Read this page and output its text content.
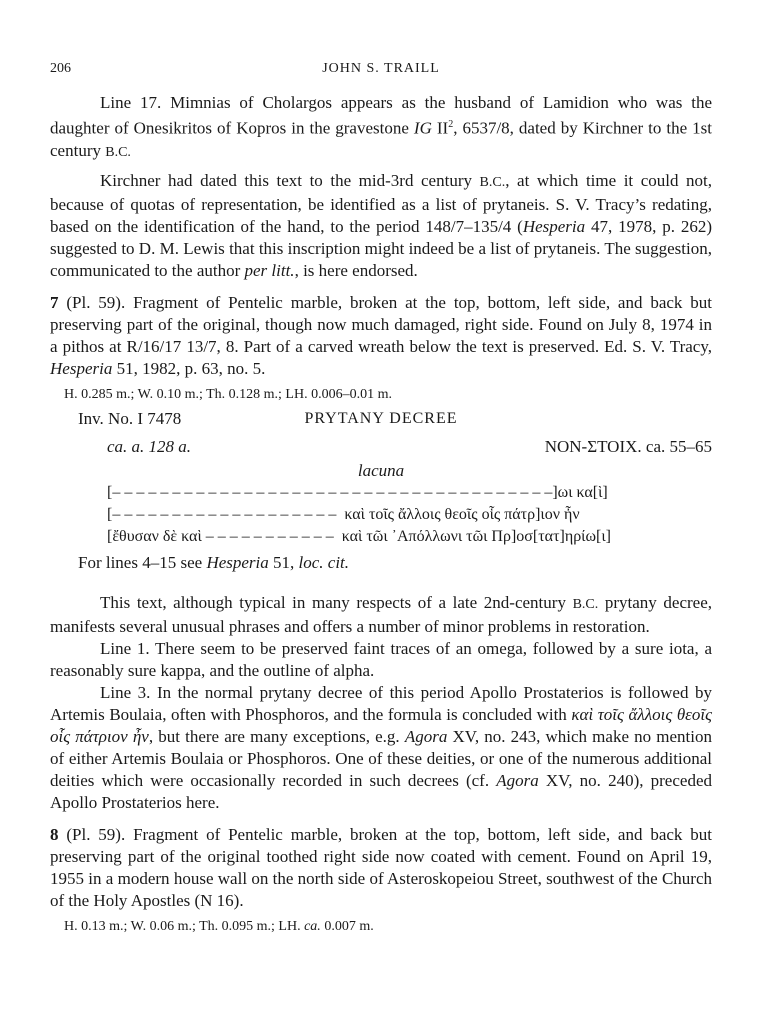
206	JOHN S. TRAILL

Line 17. Mimnias of Cholargos appears as the husband of Lamidion who was the daughter of Onesikritos of Kopros in the gravestone IG $II^2$, 6537/8, dated by Kirchner to the 1st century B.C.

Kirchner had dated this text to the mid-3rd century B.C., at which time it could not, because of quotas of representation, be identified as a list of prytaneis. S. V. Tracy’s redating, based on the identification of the hand, to the period 148/7–135/4 (Hesperia 47, 1978, p. 262) suggested to D. M. Lewis that this inscription might indeed be a list of prytaneis. The suggestion, communicated to the author per litt., is here endorsed.

7 (Pl. 59). Fragment of Pentelic marble, broken at the top, bottom, left side, and back but preserving part of the original, though now much damaged, right side. Found on July 8, 1974 in a pithos at R/16/17 13/7, 8. Part of a carved wreath below the text is preserved. Ed. S. V. Tracy, Hesperia 51, 1982, p. 63, no. 5.

H. 0.285 m.; W. 0.10 m.; Th. 0.128 m.; LH. 0.006–0.01 m.
Inv. No. I 7478	PRYTANY DECREE
ca. a. 128 a.	NON-ΣΤΟΙΧ. ca. 55–65
lacuna
[– – – – – – – – – – – – – – – – – – – – – – – – – – – – – – – – – – – – –]ωι κα[ὶ]
[– – – – – – – – – – – – – – – – – – –  καὶ τοῖς ἄλλοις θεοῖς οἷς πάτρ]ιον ἦν
[ἔθυσαν δὲ καὶ – – – – – – – – – – –  καὶ τῶι ᾿Απόλλωνι τῶι Πρ]οσ[τατ]ηρίω[ι]
For lines 4–15 see Hesperia 51, loc. cit.

This text, although typical in many respects of a late 2nd-century B.C. prytany decree, manifests several unusual phrases and offers a number of minor problems in restoration.

Line 1. There seem to be preserved faint traces of an omega, followed by a sure iota, a reasonably sure kappa, and the outline of alpha.

Line 3. In the normal prytany decree of this period Apollo Prostaterios is followed by Artemis Boulaia, often with Phosphoros, and the formula is concluded with καὶ τοῖς ἄλλοις θεοῖς οἷς πάτριον ἦν, but there are many exceptions, e.g. Agora XV, no. 243, which make no mention of either Artemis Boulaia or Phosphoros. One of these deities, or one of the numerous additional deities which were occasionally recorded in such decrees (cf. Agora XV, no. 240), preceded Apollo Prostaterios here.

8 (Pl. 59). Fragment of Pentelic marble, broken at the top, bottom, left side, and back but preserving part of the original toothed right side now coated with cement. Found on April 19, 1955 in a modern house wall on the north side of Asteroskopeiou Street, southwest of the Church of the Holy Apostles (N 16).

H. 0.13 m.; W. 0.06 m.; Th. 0.095 m.; LH. ca. 0.007 m.
